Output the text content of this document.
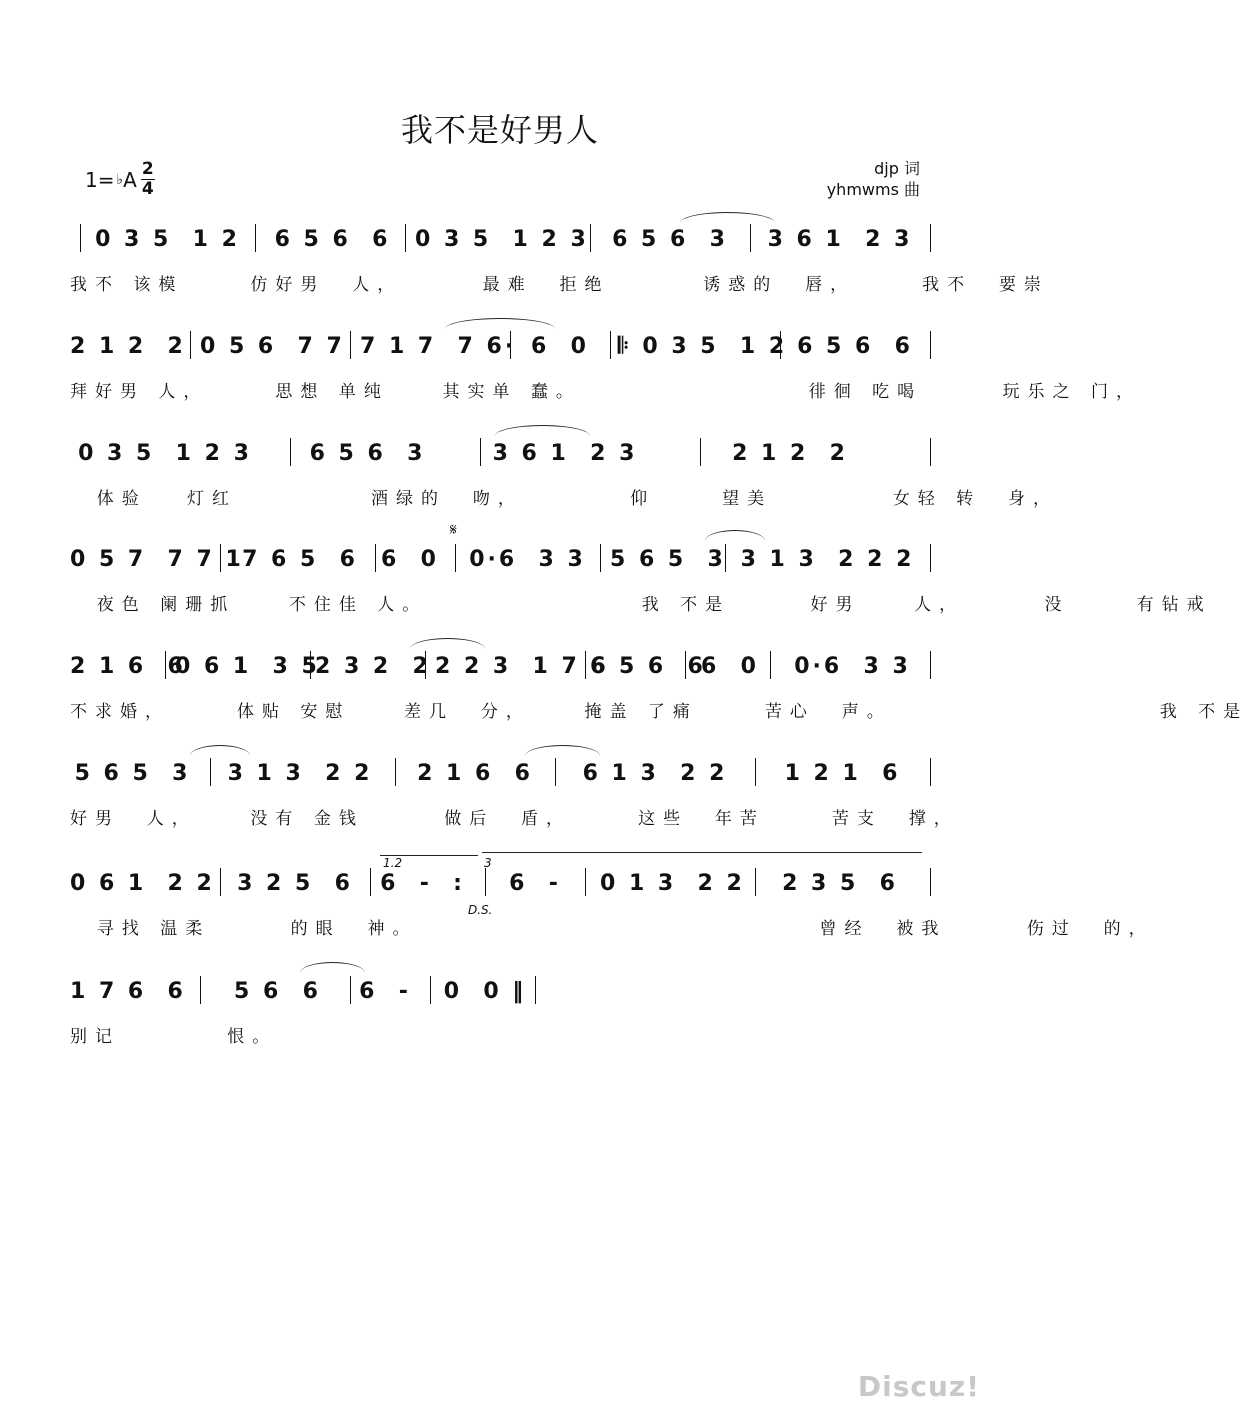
我不是好男人
1= ♭ A 2
4
djp 词
yhmwms 曲
0 3 5  1 2	6 5 6  6	0 3 5  1 2 3	6 5 6  3	3 6 1  2 3
我不 该模     仿好男  人，      最难  拒绝       诱惑的  唇，     我不  要崇
2 1 2  2 0 5 6  7 7 7 1 7  7 6· 6  0	𝄆 0 3 5  1 2 6 5 6  6
拜好男 人，     思想 单纯    其实单 蠢。                 徘徊 吃喝      玩乐之 门，
0 3 5  1 2 3	6 5 6  3	3 6 1  2 3	2 1 2  2
体验   灯红          酒绿的  吻，        仰     望美         女轻 转  身，
0 5 7  7 7 1
7 6 5  6	6  0 0·6  3 3 5 6 5  3 3 1 3  2 2 2
夜色 阑珊抓    不住佳 人。                我 不是      好男    人，      没     有钻戒
2 1 6  6
0 6 1  3 5
2 3 2  2 2 2 3  1 7 6
6 5 6  6
6  0	0·6  3 3
不求婚，     体贴 安慰    差几  分，    掩盖 了痛     苦心  声。                    我 不是
5 6 5  3	3 1 3  2 2	2 1 6  6	6 1 3  2 2	1 2 1  6
好男  人，    没有 金钱      做后  盾，     这些  年苦     苦支  撑，
0 6 1  2 2	3 2 5  6	6  -  :	6  -	0 1 3  2 2	2 3 5  6
寻找 温柔      的眼  神。                              曾经  被我      伤过  的，
1 7 6  6	5 6  6	6  - 0  0 ‖
别记        恨。
Discuz!
𝄋
D.S.
1.2	3
